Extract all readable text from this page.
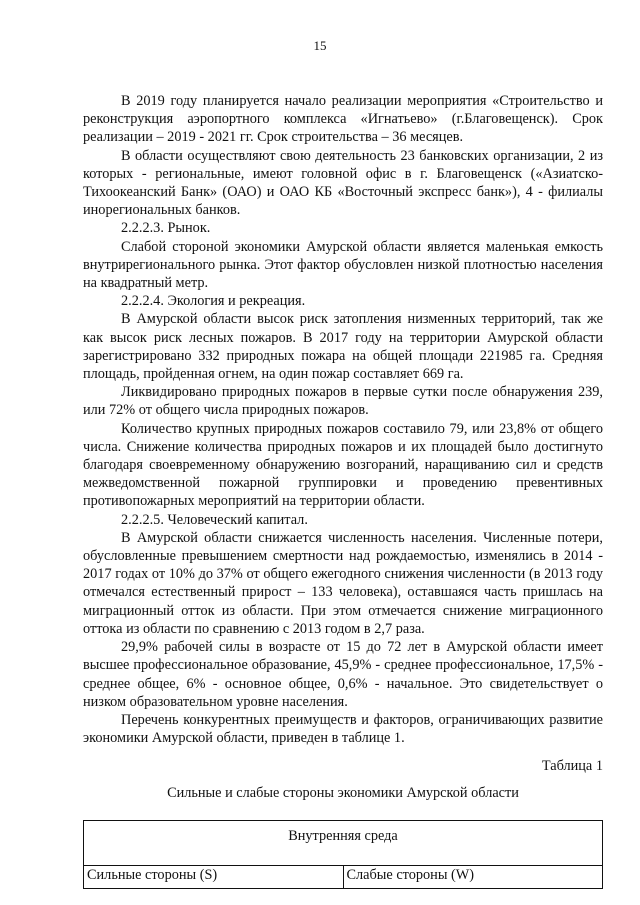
15

В 2019 году планируется начало реализации мероприятия «Строительство и реконструкция аэропортного комплекса «Игнатьево» (г.Благовещенск). Срок реализации – 2019 - 2021 гг. Срок строительства – 36 месяцев.

В области осуществляют свою деятельность 23 банковских организации, 2 из которых - региональные, имеют головной офис в г. Благовещенск («Азиатско-Тихоокеанский Банк» (ОАО) и ОАО КБ «Восточный экспресс банк»), 4 - филиалы инорегиональных банков.

2.2.2.3. Рынок.

Слабой стороной экономики Амурской области является маленькая емкость внутрирегионального рынка. Этот фактор обусловлен низкой плотностью населения на квадратный метр.

2.2.2.4. Экология и рекреация.

В Амурской области высок риск затопления низменных территорий, так же как высок риск лесных пожаров. В 2017 году на территории Амурской области зарегистрировано 332 природных пожара на общей площади 221985 га. Средняя площадь, пройденная огнем, на один пожар составляет 669 га.

Ликвидировано природных пожаров в первые сутки после обнаружения 239, или 72% от общего числа природных пожаров.

Количество крупных природных пожаров составило 79, или 23,8% от общего числа. Снижение количества природных пожаров и их площадей было достигнуто благодаря своевременному обнаружению возгораний, наращиванию сил и средств межведомственной пожарной группировки и проведению превентивных противопожарных мероприятий на территории области.

2.2.2.5. Человеческий капитал.

В Амурской области снижается численность населения. Численные потери, обусловленные превышением смертности над рождаемостью, изменялись в 2014 - 2017 годах от 10% до 37% от общего ежегодного снижения численности (в 2013 году отмечался естественный прирост – 133 человека), оставшаяся часть пришлась на миграционный отток из области. При этом отмечается снижение миграционного оттока из области по сравнению с 2013 годом в 2,7 раза.

29,9% рабочей силы в возрасте от 15 до 72 лет в Амурской области имеет высшее профессиональное образование, 45,9% - среднее профессиональное, 17,5% - среднее общее, 6% - основное общее, 0,6% - начальное. Это свидетельствует о низком образовательном уровне населения.

Перечень конкурентных преимуществ и факторов, ограничивающих развитие экономики Амурской области, приведен в таблице 1.

Таблица 1
Сильные и слабые стороны экономики Амурской области
Внутренняя среда
Сильные стороны (S)	Слабые стороны (W)
